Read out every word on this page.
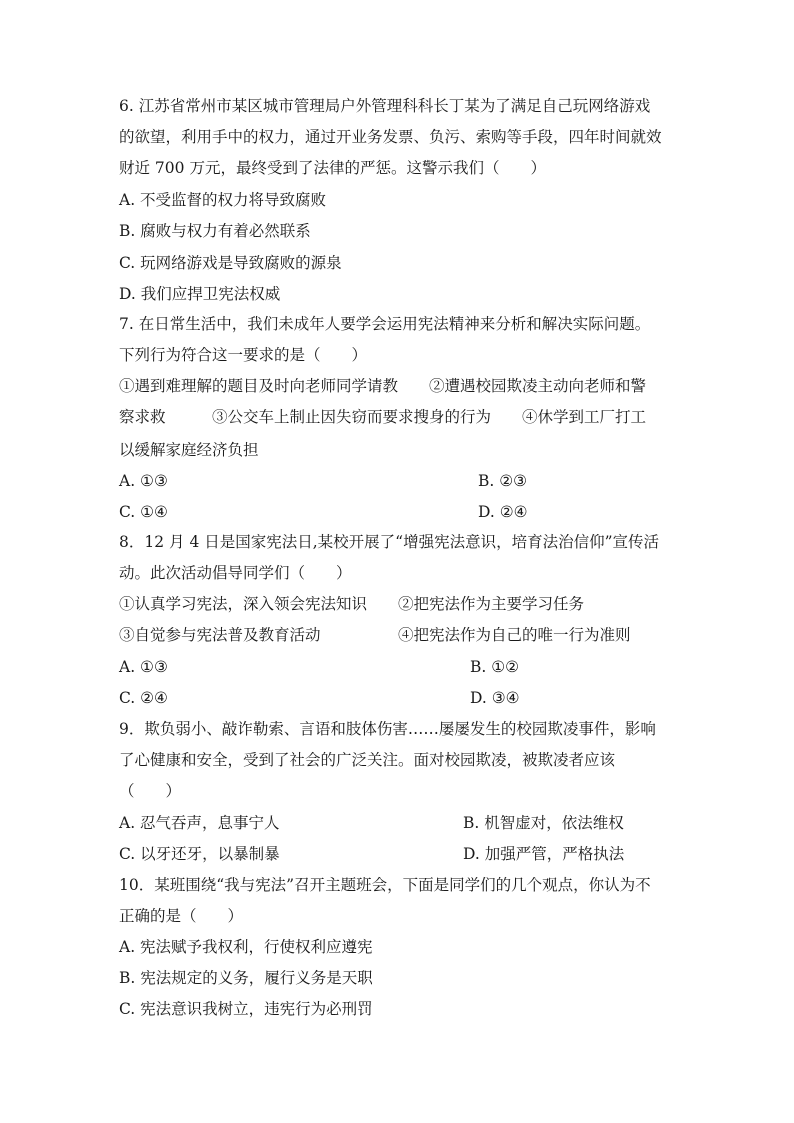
6. 江苏省常州市某区城市管理局户外管理科科长丁某为了满足自己玩网络游戏
的欲望，利用手中的权力，通过开业务发票、负污、索购等手段，四年时间就效
财近 700 万元，最终受到了法律的严惩。这警示我们（　　）
A. 不受监督的权力将导致腐败
B. 腐败与权力有着必然联系
C. 玩网络游戏是导致腐败的源泉
D. 我们应捍卫宪法权威
7. 在日常生活中，我们未成年人要学会运用宪法精神来分析和解决实际问题。
下列行为符合这一要求的是（　　）
①遇到难理解的题目及时向老师同学请教　　②遭遇校园欺凌主动向老师和警
察求救　　　③公交车上制止因失窃而要求搜身的行为　　④休学到工厂打工
以缓解家庭经济负担
A. ①③	B. ②③
C. ①④	D. ②④
8．12 月 4 日是国家宪法日,某校开展了“增强宪法意识，培育法治信仰”宣传活
动。此次活动倡导同学们（　　）
①认真学习宪法，深入领会宪法知识	②把宪法作为主要学习任务
③自觉参与宪法普及教育活动	④把宪法作为自己的唯一行为准则
A. ①③	B. ①②
C. ②④	D. ③④
9．欺负弱小、敲诈勒索、言语和肢体伤害……屡屡发生的校园欺凌事件，影响
了心健康和安全，受到了社会的广泛关注。面对校园欺凌，被欺凌者应该
（　　）
A. 忍气吞声，息事宁人	B. 机智虚对，依法维权
C. 以牙还牙，以暴制暴	D. 加强严管，严格执法
10．某班围绕“我与宪法”召开主题班会，下面是同学们的几个观点，你认为不
正确的是（　　）
A. 宪法赋予我权利，行使权利应遵宪
B. 宪法规定的义务，履行义务是天职
C. 宪法意识我树立，违宪行为必刑罚
